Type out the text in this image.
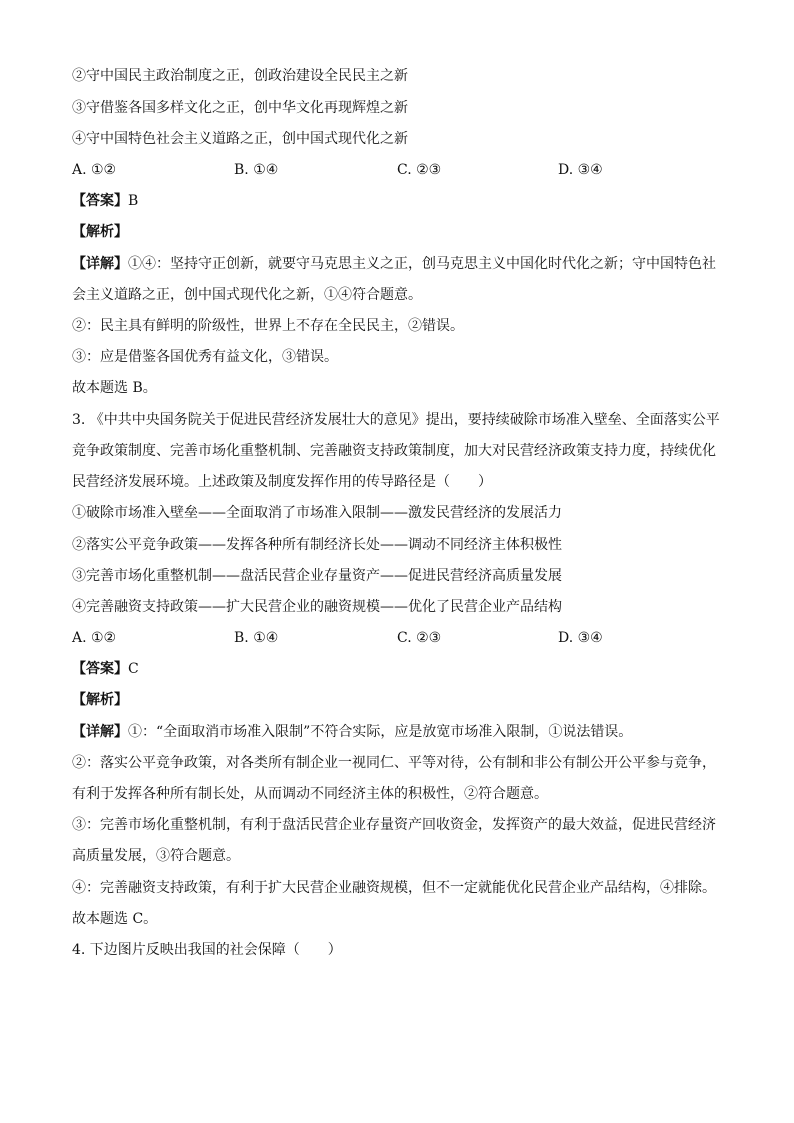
②守中国民主政治制度之正，创政治建设全民民主之新
③守借鉴各国多样文化之正，创中华文化再现辉煌之新
④守中国特色社会主义道路之正，创中国式现代化之新
A. ①②	B. ①④	C. ②③	D. ③④
【答案】B
【解析】
【详解】①④：坚持守正创新，就要守马克思主义之正，创马克思主义中国化时代化之新；守中国特色社
会主义道路之正，创中国式现代化之新，①④符合题意。
②：民主具有鲜明的阶级性，世界上不存在全民民主，②错误。
③：应是借鉴各国优秀有益文化，③错误。
故本题选 B。
3. 《中共中央国务院关于促进民营经济发展壮大的意见》提出，要持续破除市场准入壁垒、全面落实公平
竞争政策制度、完善市场化重整机制、完善融资支持政策制度，加大对民营经济政策支持力度，持续优化
民营经济发展环境。上述政策及制度发挥作用的传导路径是（　　）
①破除市场准入壁垒——全面取消了市场准入限制——激发民营经济的发展活力
②落实公平竞争政策——发挥各种所有制经济长处——调动不同经济主体积极性
③完善市场化重整机制——盘活民营企业存量资产——促进民营经济高质量发展
④完善融资支持政策——扩大民营企业的融资规模——优化了民营企业产品结构
A. ①②	B. ①④	C. ②③	D. ③④
【答案】C
【解析】
【详解】①：“全面取消市场准入限制”不符合实际，应是放宽市场准入限制，①说法错误。
②：落实公平竞争政策，对各类所有制企业一视同仁、平等对待，公有制和非公有制公开公平参与竞争，
有利于发挥各种所有制长处，从而调动不同经济主体的积极性，②符合题意。
③：完善市场化重整机制，有利于盘活民营企业存量资产回收资金，发挥资产的最大效益，促进民营经济
高质量发展，③符合题意。
④：完善融资支持政策，有利于扩大民营企业融资规模，但不一定就能优化民营企业产品结构，④排除。
故本题选 C。
4. 下边图片反映出我国的社会保障（　　）
